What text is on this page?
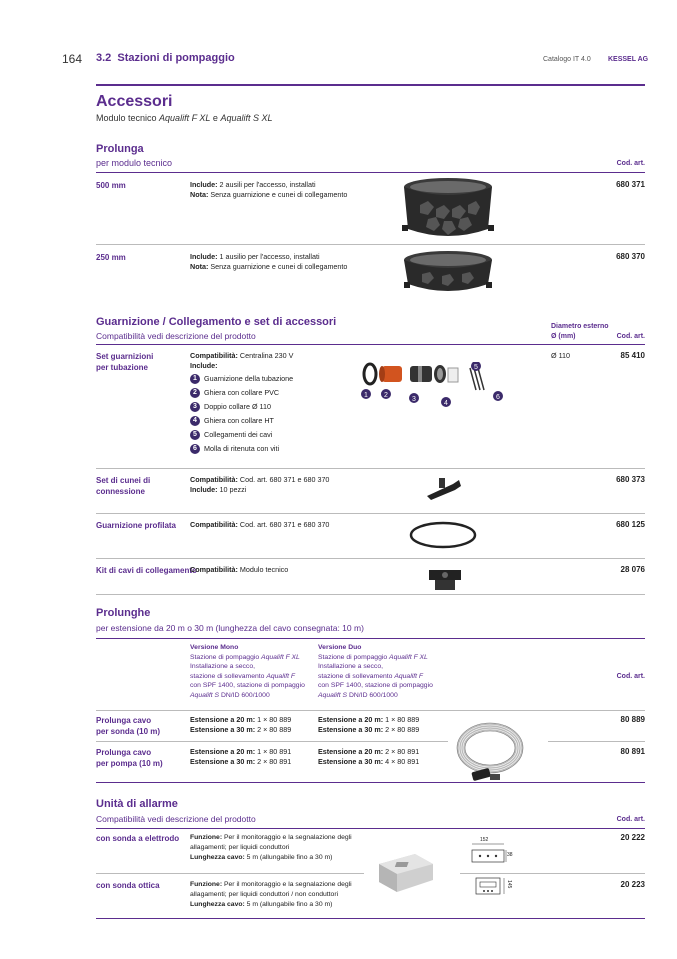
164 3.2  Stazioni di pompaggio	Catalogo IT 4.0 KESSEL AG
Accessori
Modulo tecnico Aqualift F XL e Aqualift S XL
Prolunga
per modulo tecnico	Cod. art.
500 mm	Include: 2 ausili per l'accesso, installati
Nota: Senza guarnizione e cunei di collegamento
680 371
250 mm	Include: 1 ausilio per l'accesso, installati
Nota: Senza guarnizione e cunei di collegamento
680 370
Guarnizione / Collegamento e set di accessori
Compatibilità vedi descrizione del prodotto
Diametro esterno
Ø (mm)	Cod. art.
Set guarnizioni
per tubazione
Compatibilità: Centralina 230 V
Include:
1 Guarnizione della tubazione
2 Ghiera con collare PVC
3 Doppio collare Ø 110
4 Ghiera con collare HT
5 Collegamenti dei cavi
6 Molla di ritenuta con viti
1 2
3
4
5
6
Ø 110	85 410
Set di cunei di
connessione
Compatibilità: Cod. art. 680 371 e 680 370
Include: 10 pezzi
680 373
Guarnizione profilata Compatibilità: Cod. art. 680 371 e 680 370	680 125
Kit di cavi di collegamento
Compatibilità: Modulo tecnico	28 076
Prolunghe
per estensione da 20 m o 30 m (lunghezza del cavo consegnata: 10 m)
Versione Mono
Stazione di pompaggio Aqualift F XL
Installazione a secco,
stazione di sollevamento Aqualift F
con SPF 1400, stazione di pompaggio
Aqualift S DN/ID 600/1000
Versione Duo
Stazione di pompaggio Aqualift F XL
Installazione a secco,
stazione di sollevamento Aqualift F
con SPF 1400, stazione di pompaggio
Aqualift S DN/ID 600/1000
Cod. art.
Prolunga cavo
per sonda (10 m)
Estensione a 20 m: 1 × 80 889
Estensione a 30 m: 2 × 80 889
Estensione a 20 m: 1 × 80 889
Estensione a 30 m: 2 × 80 889
80 889
Prolunga cavo
per pompa (10 m)
Estensione a 20 m: 1 × 80 891
Estensione a 30 m: 2 × 80 891
Estensione a 20 m: 2 × 80 891
Estensione a 30 m: 4 × 80 891
80 891
Unità di allarme
Compatibilità vedi descrizione del prodotto	Cod. art.
con sonda a elettrodo Funzione: Per il monitoraggio e la segnalazione degli
allagamenti; per liquidi conduttori
Lunghezza cavo: 5 m (allungabile fino a 30 m)
20 222
152
38
con sonda ottica	Funzione: Per il monitoraggio e la segnalazione degli
allagamenti; per liquidi conduttori / non conduttori
Lunghezza cavo: 5 m (allungabile fino a 30 m)
20 223
145
